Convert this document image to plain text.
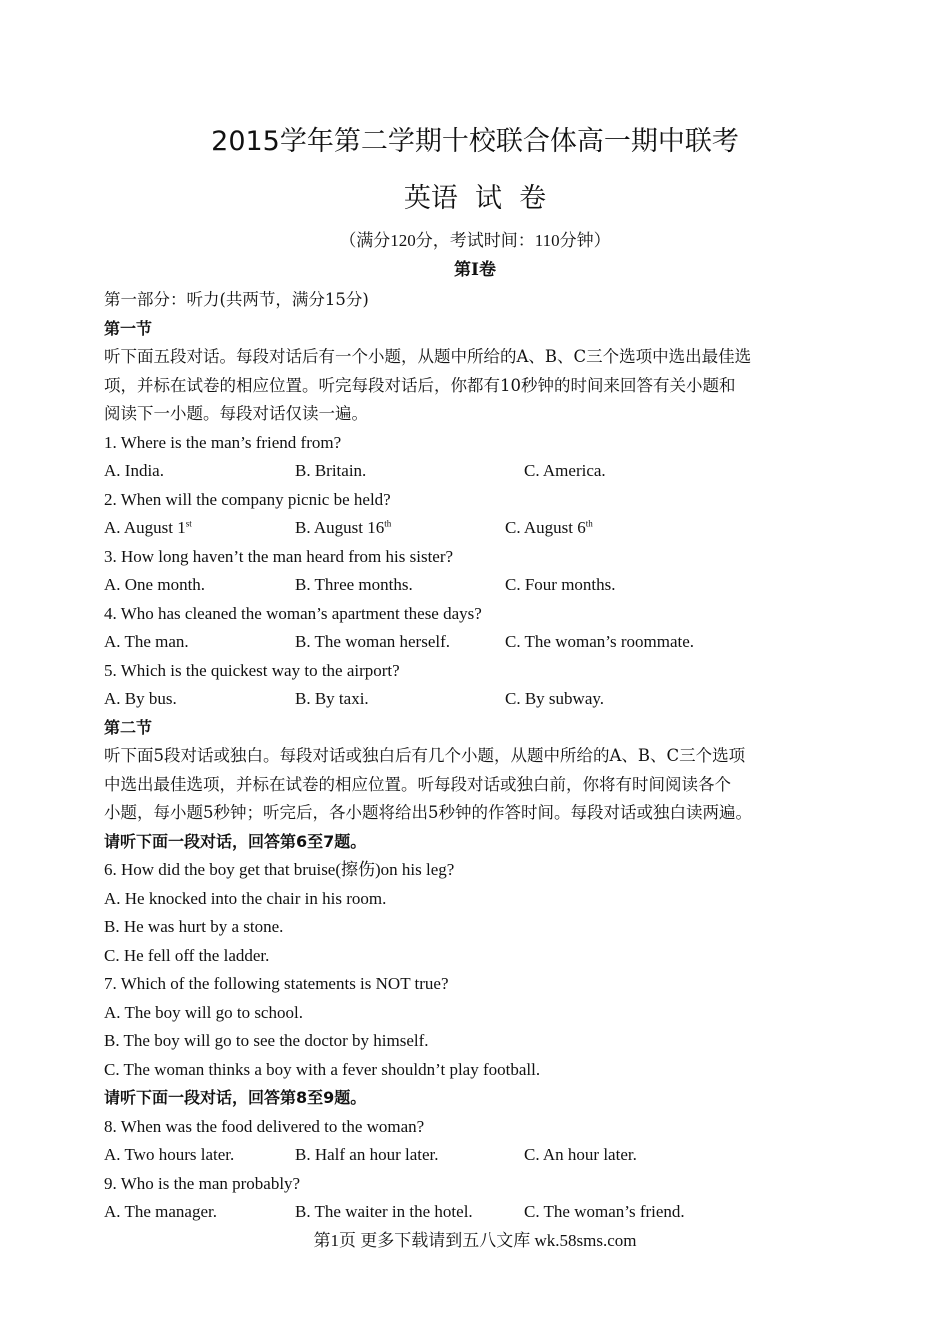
2015学年第二学期十校联合体高一期中联考
英语  试  卷
（满分120分，考试时间：110分钟）
第Ⅰ卷
第一部分：听力(共两节，满分15分)
第一节
听下面五段对话。每段对话后有一个小题，从题中所给的A、B、C三个选项中选出最佳选
项，并标在试卷的相应位置。听完每段对话后，你都有10秒钟的时间来回答有关小题和
阅读下一小题。每段对话仅读一遍。
1. Where is the man’s friend from?
A. India.	B. Britain.	C. America.
2. When will the company picnic be held?
A. August 1st	B. August 16th	C. August 6th
3. How long haven’t the man heard from his sister?
A. One month.	B. Three months.	C. Four months.
4. Who has cleaned the woman’s apartment these days?
A. The man.	B. The woman herself.	C. The woman’s roommate.
5. Which is the quickest way to the airport?
A. By bus.	B. By taxi.	C. By subway.
第二节
听下面5段对话或独白。每段对话或独白后有几个小题，从题中所给的A、B、C三个选项
中选出最佳选项，并标在试卷的相应位置。听每段对话或独白前，你将有时间阅读各个
小题，每小题5秒钟；听完后，各小题将给出5秒钟的作答时间。每段对话或独白读两遍。
请听下面一段对话，回答第6至7题。
6. How did the boy get that bruise(擦伤)on his leg?
A. He knocked into the chair in his room.
B. He was hurt by a stone.
C. He fell off the ladder.
7. Which of the following statements is NOT true?
A. The boy will go to school.
B. The boy will go to see the doctor by himself.
C. The woman thinks a boy with a fever shouldn’t play football.
请听下面一段对话，回答第8至9题。
8. When was the food delivered to the woman?
A. Two hours later.	B. Half an hour later.	C. An hour later.
9. Who is the man probably?
A. The manager.	B. The waiter in the hotel.	C. The woman’s friend.
第1页 更多下载请到五八文库 wk.58sms.com
